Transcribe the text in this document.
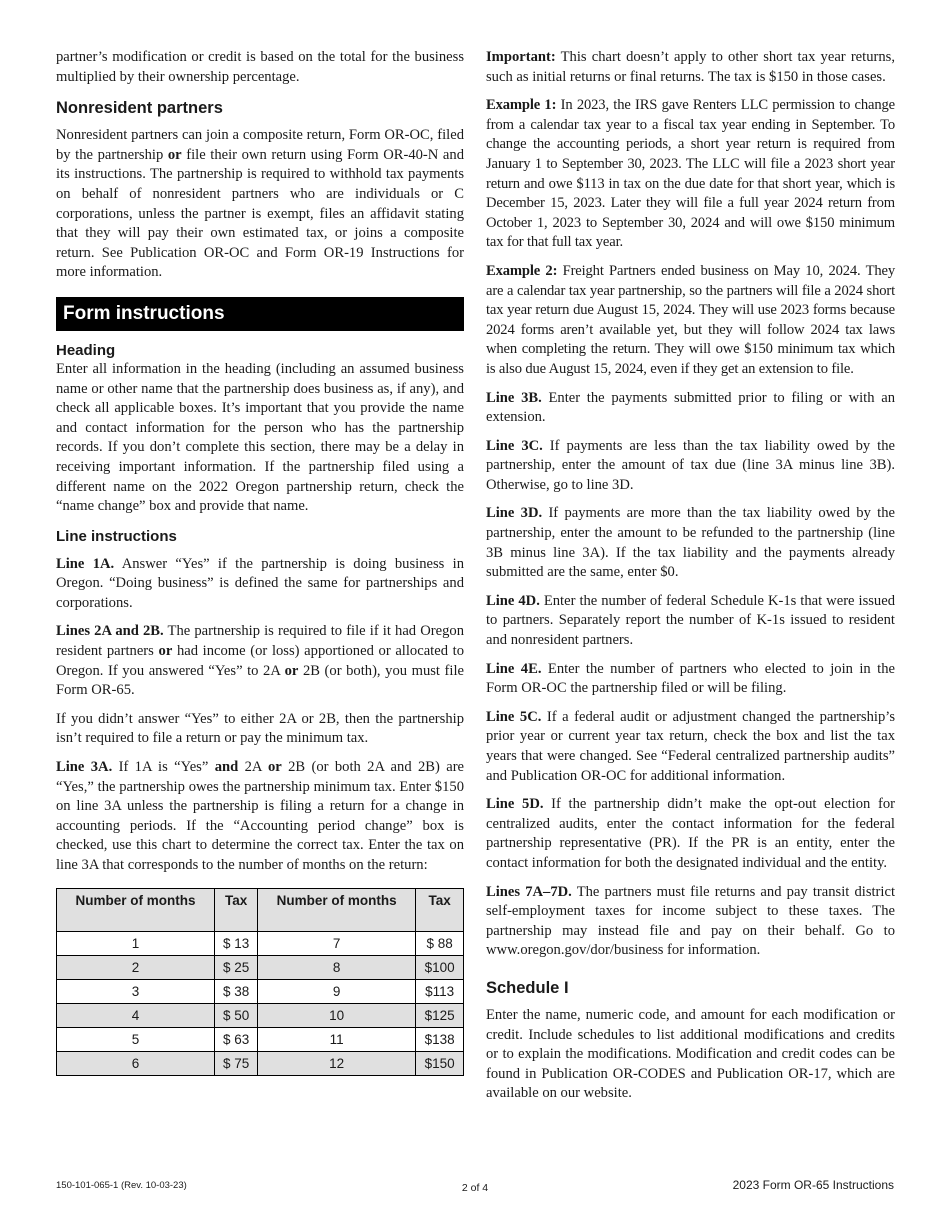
partner’s modification or credit is based on the total for the business multiplied by their ownership percentage.

Nonresident partners

Nonresident partners can join a composite return, Form OR-OC, filed by the partnership or file their own return using Form OR-40-N and its instructions. The partnership is required to withhold tax payments on behalf of nonresident partners who are individuals or C corporations, unless the partner is exempt, files an affidavit stating that they will pay their own estimated tax, or joins a composite return. See Publication OR-OC and Form OR-19 Instructions for more information.

Form instructions
Heading

Enter all information in the heading (including an assumed business name or other name that the partnership does business as, if any), and check all applicable boxes. It’s important that you provide the name and contact information for the person who has the partnership records. If you don’t complete this section, there may be a delay in receiving important information. If the partnership filed using a different name on the 2022 Oregon partnership return, check the “name change” box and provide that name.

Line instructions

Line 1A. Answer “Yes” if the partnership is doing business in Oregon. “Doing business” is defined the same for partnerships and corporations.

Lines 2A and 2B. The partnership is required to file if it had Oregon resident partners or had income (or loss) apportioned or allocated to Oregon. If you answered “Yes” to 2A or 2B (or both), you must file Form OR-65.

If you didn’t answer “Yes” to either 2A or 2B, then the partnership isn’t required to file a return or pay the minimum tax.

Line 3A. If 1A is “Yes” and 2A or 2B (or both 2A and 2B) are “Yes,” the partnership owes the partnership minimum tax. Enter $150 on line 3A unless the partnership is filing a return for a change in accounting periods. If the “Accounting period change” box is checked, use this chart to determine the correct tax. Enter the tax on line 3A that corresponds to the number of months on the return:

Number of months	Tax	Number of months	Tax
1	$ 13	7	$ 88
2	$ 25	8	$100
3	$ 38	9	$113
4	$ 50	10	$125
5	$ 63	11	$138
6	$ 75	12	$150

Important: This chart doesn’t apply to other short tax year returns, such as initial returns or final returns. The tax is $150 in those cases.

Example 1: In 2023, the IRS gave Renters LLC permission to change from a calendar tax year to a fiscal tax year ending in September. To change the accounting periods, a short year return is required from January 1 to September 30, 2023. The LLC will file a 2023 short year return and owe $113 in tax on the due date for that short year, which is December 15, 2023. Later they will file a full year 2024 return from October 1, 2023 to September 30, 2024 and will owe $150 minimum tax for that full tax year.

Example 2: Freight Partners ended business on May 10, 2024. They are a calendar tax year partnership, so the partners will file a 2024 short tax year return due August 15, 2024. They will use 2023 forms because 2024 forms aren’t available yet, but they will follow 2024 tax laws when completing the return. They will owe $150 minimum tax which is also due August 15, 2024, even if they get an extension to file.

Line 3B. Enter the payments submitted prior to filing or with an extension.

Line 3C. If payments are less than the tax liability owed by the partnership, enter the amount of tax due (line 3A minus line 3B). Otherwise, go to line 3D.

Line 3D. If payments are more than the tax liability owed by the partnership, enter the amount to be refunded to the partnership (line 3B minus line 3A). If the tax liability and the payments already submitted are the same, enter $0.

Line 4D. Enter the number of federal Schedule K-1s that were issued to partners. Separately report the number of K-1s issued to resident and nonresident partners.

Line 4E. Enter the number of partners who elected to join in the Form OR-OC the partnership filed or will be filing.

Line 5C. If a federal audit or adjustment changed the partnership’s prior year or current year tax return, check the box and list the tax years that were changed. See “Federal centralized partnership audits” and Publication OR-OC for additional information.

Line 5D. If the partnership didn’t make the opt-out election for centralized audits, enter the contact information for the federal partnership representative (PR). If the PR is an entity, enter the contact information for both the designated individual and the entity.

Lines 7A–7D. The partners must file returns and pay transit district self-employment taxes for income subject to these taxes. The partnership may instead file and pay on their behalf. Go to www.oregon.gov/dor/business for information.

Schedule I

Enter the name, numeric code, and amount for each modification or credit. Include schedules to list additional modifications and credits or to explain the modifications. Modification and credit codes can be found in Publication OR-CODES and Publication OR-17, which are available on our website.

150-101-065-1 (Rev. 10-03-23)	2 of 4	2023 Form OR-65 Instructions
